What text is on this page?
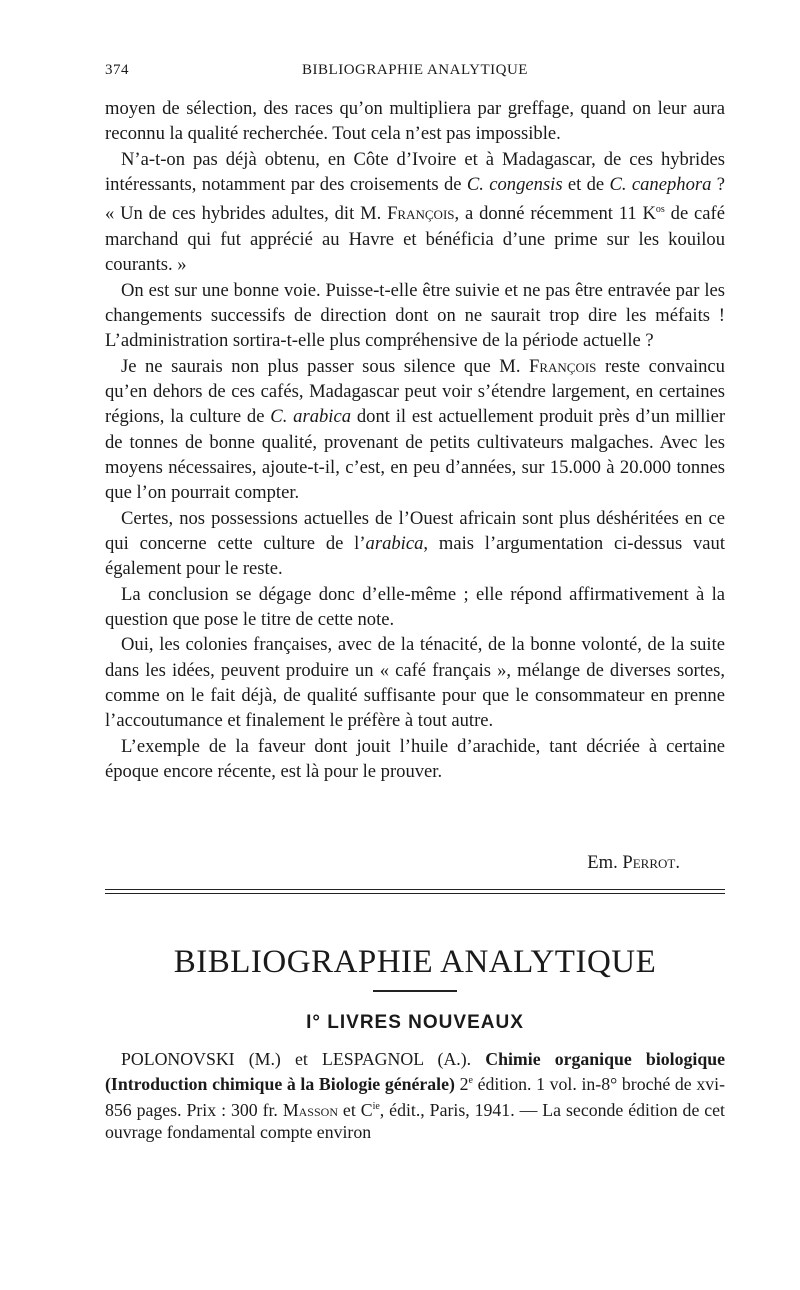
374	BIBLIOGRAPHIE ANALYTIQUE

moyen de sélection, des races qu’on multipliera par greffage, quand on leur aura reconnu la qualité recherchée. Tout cela n’est pas impossible.

N’a-t-on pas déjà obtenu, en Côte d’Ivoire et à Madagascar, de ces hybrides intéressants, notamment par des croisements de C. congensis et de C. canephora ? « Un de ces hybrides adultes, dit M. François, a donné récemment 11 $K^{os}$ de café marchand qui fut apprécié au Havre et bénéficia d’une prime sur les kouilou courants. »

On est sur une bonne voie. Puisse-t-elle être suivie et ne pas être entravée par les changements successifs de direction dont on ne saurait trop dire les méfaits ! L’administration sortira-t-elle plus compréhensive de la période actuelle ?

Je ne saurais non plus passer sous silence que M. François reste convaincu qu’en dehors de ces cafés, Madagascar peut voir s’étendre largement, en certaines régions, la culture de C. arabica dont il est actuellement produit près d’un millier de tonnes de bonne qualité, provenant de petits cultivateurs malgaches. Avec les moyens nécessaires, ajoute-t-il, c’est, en peu d’années, sur 15.000 à 20.000 tonnes que l’on pourrait compter.

Certes, nos possessions actuelles de l’Ouest africain sont plus déshéritées en ce qui concerne cette culture de l’arabica, mais l’argumentation ci-dessus vaut également pour le reste.

La conclusion se dégage donc d’elle-même ; elle répond affirmativement à la question que pose le titre de cette note.

Oui, les colonies françaises, avec de la ténacité, de la bonne volonté, de la suite dans les idées, peuvent produire un « café français », mélange de diverses sortes, comme on le fait déjà, de qualité suffisante pour que le consommateur en prenne l’accoutumance et finalement le préfère à tout autre.

L’exemple de la faveur dont jouit l’huile d’arachide, tant décriée à certaine époque encore récente, est là pour le prouver.

Em. Perrot.
BIBLIOGRAPHIE ANALYTIQUE
I° LIVRES NOUVEAUX
POLONOVSKI (M.) et LESPAGNOL (A.). Chimie organique biologique (Introduction chimique à la Biologie générale) 2e édition. 1 vol. in-8° broché de xvi-856 pages. Prix : 300 fr. Masson et $C^{ie}$, édit., Paris, 1941. — La seconde édition de cet ouvrage fondamental compte environ
